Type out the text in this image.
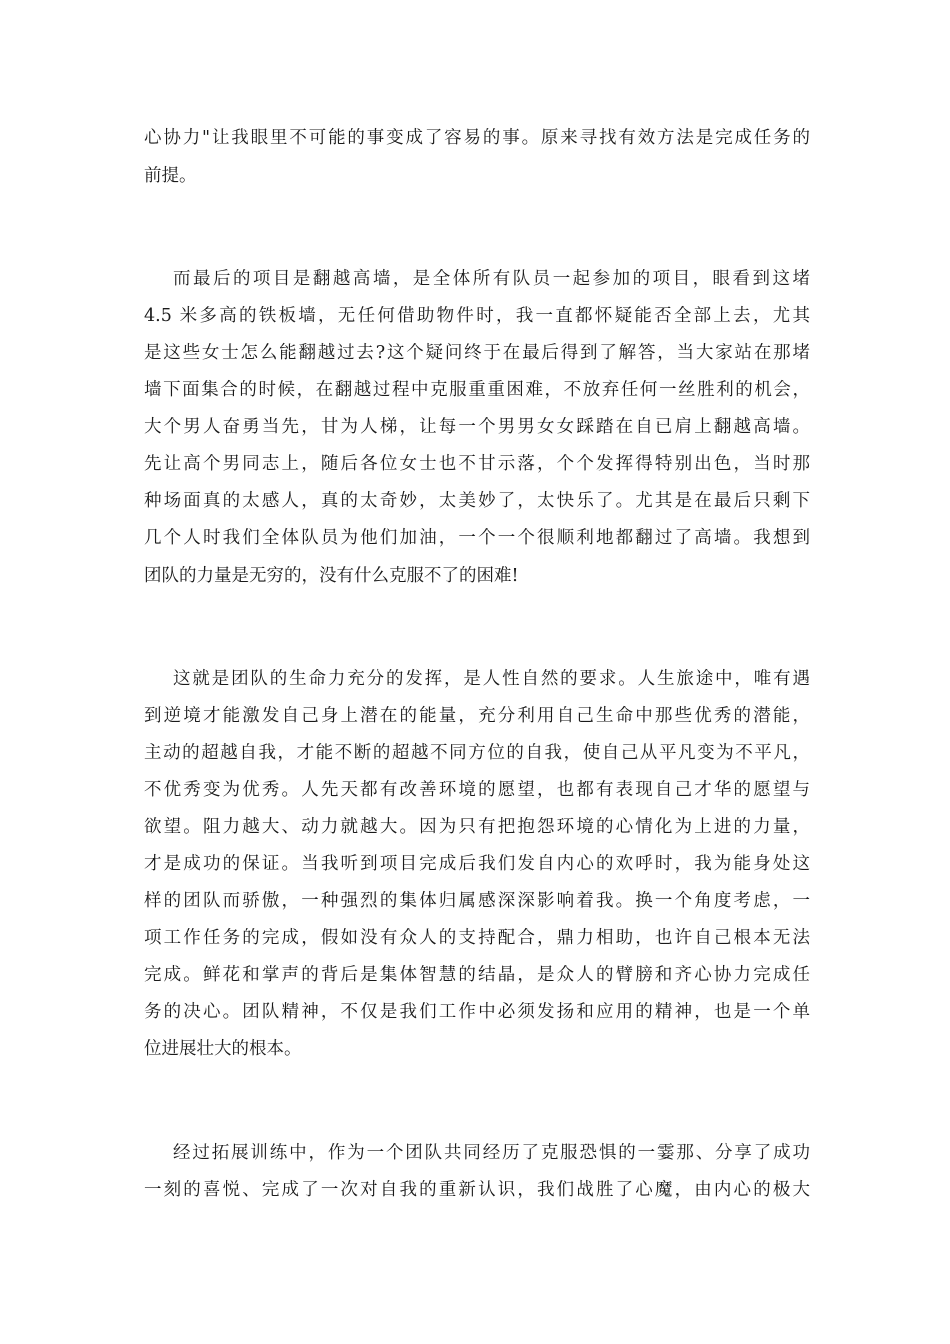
心协力"让我眼里不可能的事变成了容易的事。原来寻找有效方法是完成任务的
前提。
而最后的项目是翻越高墙，是全体所有队员一起参加的项目，眼看到这堵
4.5 米多高的铁板墙，无任何借助物件时，我一直都怀疑能否全部上去，尤其
是这些女士怎么能翻越过去?这个疑问终于在最后得到了解答，当大家站在那堵
墙下面集合的时候，在翻越过程中克服重重困难，不放弃任何一丝胜利的机会，
大个男人奋勇当先，甘为人梯，让每一个男男女女踩踏在自已肩上翻越高墙。
先让高个男同志上，随后各位女士也不甘示落，个个发挥得特别出色，当时那
种场面真的太感人，真的太奇妙，太美妙了，太快乐了。尤其是在最后只剩下
几个人时我们全体队员为他们加油，一个一个很顺利地都翻过了高墙。我想到
团队的力量是无穷的，没有什么克服不了的困难!
这就是团队的生命力充分的发挥，是人性自然的要求。人生旅途中，唯有遇
到逆境才能激发自己身上潜在的能量，充分利用自己生命中那些优秀的潜能，
主动的超越自我，才能不断的超越不同方位的自我，使自己从平凡变为不平凡，
不优秀变为优秀。人先天都有改善环境的愿望，也都有表现自己才华的愿望与
欲望。阻力越大、动力就越大。因为只有把抱怨环境的心情化为上进的力量，
才是成功的保证。当我听到项目完成后我们发自内心的欢呼时，我为能身处这
样的团队而骄傲，一种强烈的集体归属感深深影响着我。换一个角度考虑，一
项工作任务的完成，假如没有众人的支持配合，鼎力相助，也许自己根本无法
完成。鲜花和掌声的背后是集体智慧的结晶，是众人的臂膀和齐心协力完成任
务的决心。团队精神，不仅是我们工作中必须发扬和应用的精神，也是一个单
位进展壮大的根本。
经过拓展训练中，作为一个团队共同经历了克服恐惧的一霎那、分享了成功
一刻的喜悦、完成了一次对自我的重新认识，我们战胜了心魔，由内心的极大
